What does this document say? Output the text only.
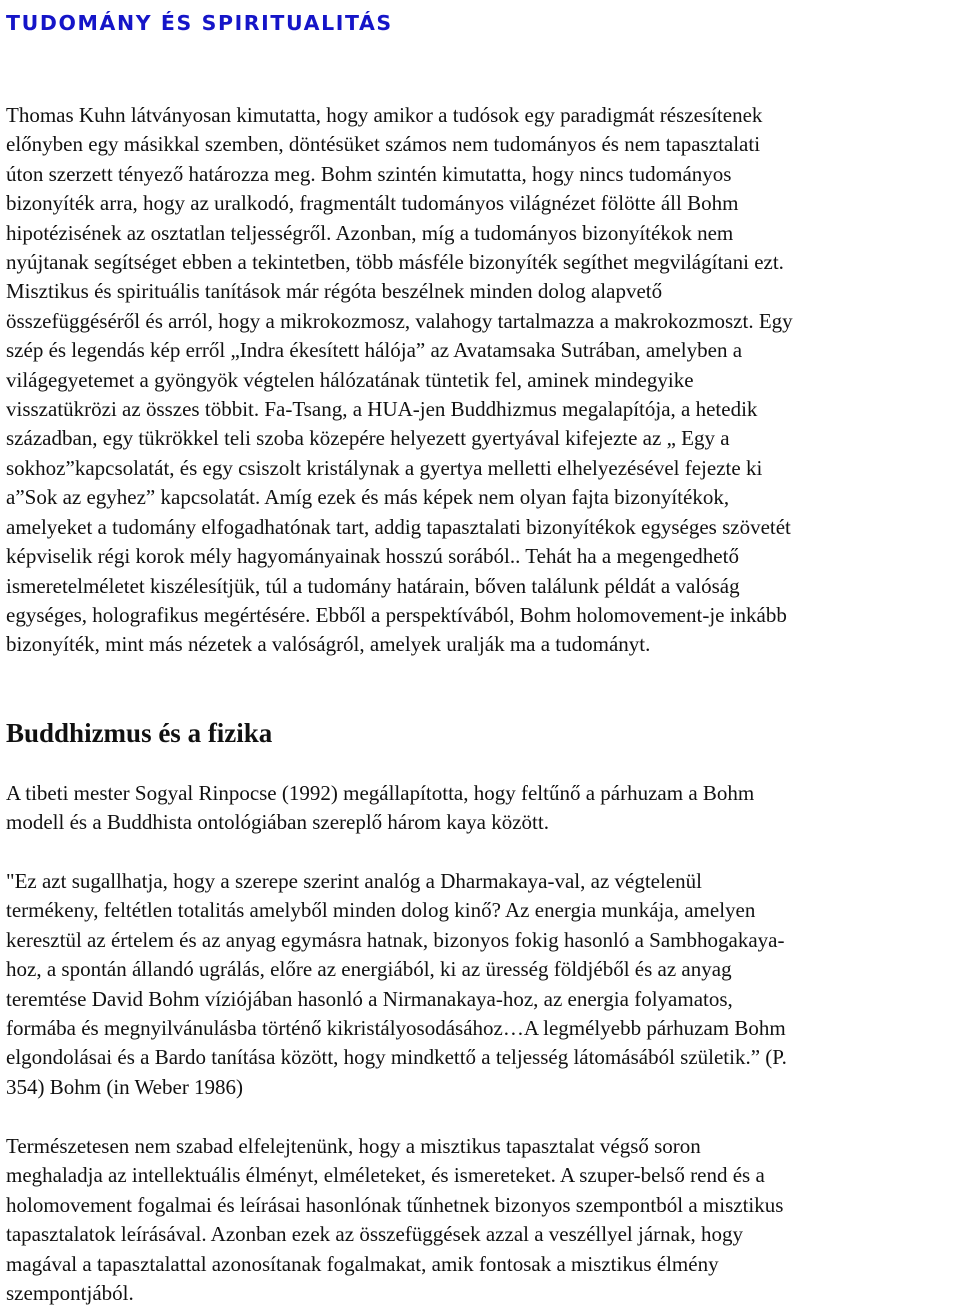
TUDOMÁNY ÉS SPIRITUALITÁS

Thomas Kuhn látványosan kimutatta, hogy amikor a tudósok egy paradigmát részesítenek
előnyben egy másikkal szemben, döntésüket számos nem tudományos és nem tapasztalati
úton szerzett tényező határozza meg. Bohm szintén kimutatta, hogy nincs tudományos
bizonyíték arra, hogy az uralkodó, fragmentált tudományos világnézet fölötte áll Bohm
hipotézisének az osztatlan teljességről. Azonban, míg a tudományos bizonyítékok nem
nyújtanak segítséget ebben a tekintetben, több másféle bizonyíték segíthet megvilágítani ezt.
Misztikus és spirituális tanítások már régóta beszélnek minden dolog alapvető
összefüggéséről és arról, hogy a mikrokozmosz, valahogy tartalmazza a makrokozmoszt. Egy
szép és legendás kép erről „Indra ékesített hálója” az Avatamsaka Sutrában, amelyben a
világegyetemet a gyöngyök végtelen hálózatának tüntetik fel, aminek mindegyike
visszatükrözi az összes többit. Fa-Tsang, a HUA-jen Buddhizmus megalapítója, a hetedik
században, egy tükrökkel teli szoba közepére helyezett gyertyával kifejezte az „ Egy a
sokhoz”kapcsolatát, és egy csiszolt kristálynak a gyertya melletti elhelyezésével fejezte ki
a”Sok az egyhez” kapcsolatát. Amíg ezek és más képek nem olyan fajta bizonyítékok,
amelyeket a tudomány elfogadhatónak tart, addig tapasztalati bizonyítékok egységes szövetét
képviselik régi korok mély hagyományainak hosszú sorából.. Tehát ha a megengedhető
ismeretelméletet kiszélesítjük, túl a tudomány határain, bőven találunk példát a valóság
egységes, holografikus megértésére. Ebből a perspektívából, Bohm holomovement-je inkább
bizonyíték, mint más nézetek a valóságról, amelyek uralják ma a tudományt.

Buddhizmus és a fizika

A tibeti mester Sogyal Rinpocse (1992) megállapította, hogy feltűnő a párhuzam a Bohm
modell és a Buddhista ontológiában szereplő három kaya között.

"Ez azt sugallhatja, hogy a szerepe szerint analóg a Dharmakaya-val, az végtelenül
termékeny, feltétlen totalitás amelyből minden dolog kinő? Az energia munkája, amelyen
keresztül az értelem és az anyag egymásra hatnak, bizonyos fokig hasonló a Sambhogakaya-
hoz, a spontán állandó ugrálás, előre az energiából, ki az üresség földjéből és az anyag
teremtése David Bohm víziójában hasonló a Nirmanakaya-hoz, az energia folyamatos,
formába és megnyilvánulásba történő kikristályosodásához…A legmélyebb párhuzam Bohm
elgondolásai és a Bardo tanítása között, hogy mindkettő a teljesség látomásából születik.” (P.
354) Bohm (in Weber 1986)

Természetesen nem szabad elfelejtenünk, hogy a misztikus tapasztalat végső soron
meghaladja az intellektuális élményt, elméleteket, és ismereteket. A szuper-belső rend és a
holomovement fogalmai és leírásai hasonlónak tűnhetnek bizonyos szempontból a misztikus
tapasztalatok leírásával. Azonban ezek az összefüggések azzal a veszéllyel járnak, hogy
magával a tapasztalattal azonosítanak fogalmakat, amik fontosak a misztikus élmény
szempontjából.
